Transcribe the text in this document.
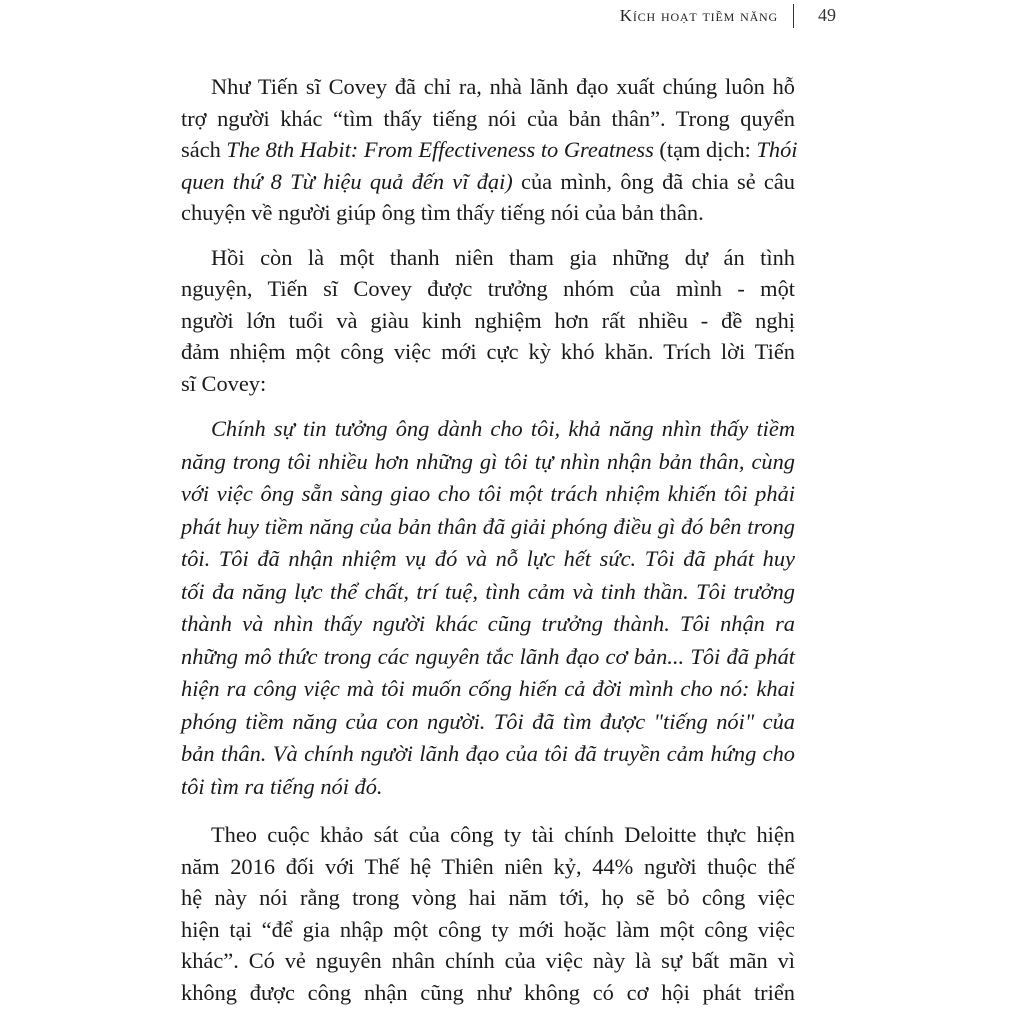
Kích hoạt tiềm năng 49

Như Tiến sĩ Covey đã chỉ ra, nhà lãnh đạo xuất chúng luôn hỗ
trợ người khác “tìm thấy tiếng nói của bản thân”. Trong quyển
sách The 8th Habit: From Effectiveness to Greatness (tạm dịch: Thói
quen thứ 8 Từ hiệu quả đến vĩ đại) của mình, ông đã chia sẻ câu
chuyện về người giúp ông tìm thấy tiếng nói của bản thân.

Hồi còn là một thanh niên tham gia những dự án tình
nguyện, Tiến sĩ Covey được trưởng nhóm của mình - một
người lớn tuổi và giàu kinh nghiệm hơn rất nhiều - đề nghị
đảm nhiệm một công việc mới cực kỳ khó khăn. Trích lời Tiến
sĩ Covey:

Chính sự tin tưởng ông dành cho tôi, khả năng nhìn thấy tiềm
năng trong tôi nhiều hơn những gì tôi tự nhìn nhận bản thân, cùng
với việc ông sẵn sàng giao cho tôi một trách nhiệm khiến tôi phải
phát huy tiềm năng của bản thân đã giải phóng điều gì đó bên trong
tôi. Tôi đã nhận nhiệm vụ đó và nỗ lực hết sức. Tôi đã phát huy
tối đa năng lực thể chất, trí tuệ, tình cảm và tinh thần. Tôi trưởng
thành và nhìn thấy người khác cũng trưởng thành. Tôi nhận ra
những mô thức trong các nguyên tắc lãnh đạo cơ bản... Tôi đã phát
hiện ra công việc mà tôi muốn cống hiến cả đời mình cho nó: khai
phóng tiềm năng của con người. Tôi đã tìm được "tiếng nói" của
bản thân. Và chính người lãnh đạo của tôi đã truyền cảm hứng cho
tôi tìm ra tiếng nói đó.

Theo cuộc khảo sát của công ty tài chính Deloitte thực hiện
năm 2016 đối với Thế hệ Thiên niên kỷ, 44% người thuộc thế
hệ này nói rằng trong vòng hai năm tới, họ sẽ bỏ công việc
hiện tại “để gia nhập một công ty mới hoặc làm một công việc
khác”. Có vẻ nguyên nhân chính của việc này là sự bất mãn vì
không được công nhận cũng như không có cơ hội phát triển
